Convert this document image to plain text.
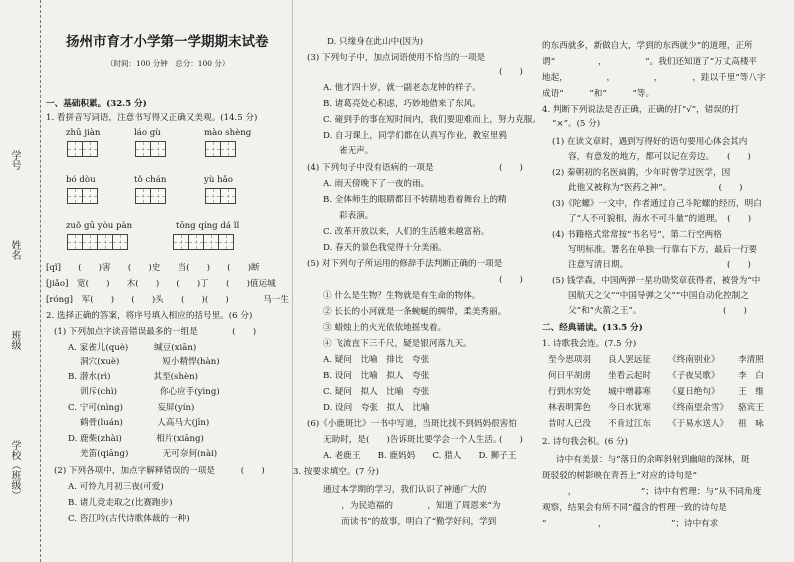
学号
姓名
班级
学校（班级）
扬州市育才小学第一学期期末试卷
（时间：100 分钟　总分：100 分）
一、基础积累。(32.5 分)
1. 看拼音写词语，注意书写得又正确又美观。(14.5 分)
zhū jiàn	láo gù	mào shèng
bó dòu	tǒ chán	yù hǎo
zuǒ gū yòu pàn	tōng qíng dá lǐ
[qǐ]　　(　　)害　　(　　)史　　当(　　)　　(　　)断
[jiǎo]　宽(　　)　　木(　　)　　(　　)丁　　(　　)值运城
[róng]　军(　　)　　(　　)头　　(　　)(　　)　　　　马一生
2. 选择正确的答案，将序号填入相应的括号里。(6 分)
(1) 下列加点字读音错误最多的一组是　　　　(　　)
A. 家雀儿(què)　　　缄豆(xiān)
洞穴(xuè)　　　　　短小精悍(hàn)
B. 潜水(rì)　　　　　其至(shèn)
训斥(chì)　　　　　你心应手(yìng)
C. 宁可(nìng)　　　　妄屏(yín)
鹤骨(luán)　　　　人高马大(jīn)
D. 鹿柴(zhài)　　　　相片(xiāng)
羌笛(qiāng)　　　　无可奈何(nài)
(2) 下列各项中，加点字解释错误的一项是　　　(　　)
A. 可怜九月初三夜(可爱)
B. 诸儿竞走取之(比赛跑步)
C. 咨江吟(古代诗歌体裁的一种)
D. 只缘身在此山中(因为)
(3) 下列句子中，加点词语使用不恰当的一项是
(　　)
A. 他才四十岁，就一副老态龙钟的样子。
B. 诸葛亮处心积虑，巧妙地借来了东风。
C. 碰到手的事在短时间内，我们要迎难而上，努力克服。
D. 自习课上，同学们都在认真写作业，教室里鸦
雀无声。
(4) 下列句子中没有语病的一项是	(　　)
A. 雨天傍晚下了一夜的雨。
B. 全体师生的眼睛都目不转睛地看着舞台上的精
彩表演。
C. 改革开放以来，人们的生活越来越富裕。
D. 春天的景色我觉得十分美丽。
(5) 对下列句子所运用的修辞手法判断正确的一项是
(　　)
① 什么是生物？生物就是有生命的物体。
② 长长的小河就是一条蜿蜒的绸带，柔美秀丽。
③ 蜡烛上的火光依依地摇曳着。
④ 飞流直下三千尺，疑是银河落九天。
A. 疑问　比喻　排比　夸张
B. 设问　比喻　拟人　夸张
C. 疑问　拟人　比喻　夸张
D. 设问　夸张　拟人　比喻
(6)《小鹿斑比》一书中写道，当斑比找不到妈妈很害怕
无助时，是(　　)告诉斑比要学会一个人生活。
(　　)
A. 老鹿王　　B. 鹿妈妈　　C. 猎人　　D. 狮子王
3. 按要求填空。(7 分)
通过本学期的学习，我们认识了神通广大的
　　　　，为民造福的　　　　，知道了周恩来“为
　　　　而读书”的故事，明白了“勤学好问，学到
的东西就多，新做自大，学到的东西就少”的道理，正所
谓“　　　　　，　　　　　”。我们还知道了“万丈高楼平
地起，　　　　　，　　　　　，　　　　，跬以千里”等八字
成语“　　　”和“　　　”等。
4. 判断下列说法是否正确，正确的打“√”，错误的打
“×”。(5 分)
(1) 在读文章时，遇到写得好的语句要用心体会其内
容，有意发的地方，都可以记在旁边。　　(　　)
(2) 秦朝初的名医扁鹊，少年时曾学过医学，因
此他又被称为“医药之神”。　　　　　　(　　)
(3)《陀螺》一文中，作者通过自己斗陀螺的经历，明白
了“人不可貌相，海水不可斗量”的道理。　(　　)
(4) 书籍格式常常按“书名号”，第二行空两格
写明标准。署名在单独一行靠右下方，最后一行要
注意写清日期。　　　　　　　　　　　　(　　)
(5) 钱学森，中国两弹一星功勋奖章获得者，被誉为“中
国航天之父”“中国导弹之父”“中国自动化控制之
父”和“火箭之王”。　　　　　　　　　　(　　)
二、经典诵读。(13.5 分)
1. 诗歌我会连。(7.5 分)
至今思项羽 良人罢远征 《终南别业》 李清照
何日平胡虏 坐看云起时 《子夜吴歌》 李　白
行到水穷处 城中增暮寒 《夏日绝句》 王　维
林表明霁色 今日水犹寒 《终南望余雪》 骆宾王
昔时人已没 不肯过江东 《于易水送人》 祖　咏
2. 诗句我会积。(6 分)
诗中有美景：与“落日的余晖斜射到幽暗的深林，斑
斑驳驳的树影映在青苔上”对应的诗句是“
　　　，　　　　　　　　”；诗中有哲理：与“从不同角度
观察，结果会有所不同”蕴含的哲理一致的诗句是
“　　　　　　，　　　　　　　　”；诗中有求
